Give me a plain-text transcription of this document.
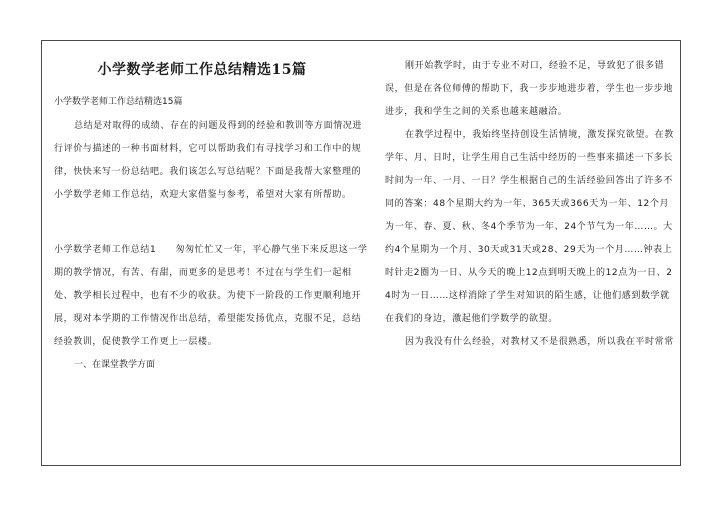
小学数学老师工作总结精选15篇
小学数学老师工作总结精选15篇

总结是对取得的成绩、存在的问题及得到的经验和教训等方面情况进行评价与描述的一种书面材料，它可以帮助我们有寻找学习和工作中的规律，快快来写一份总结吧。我们该怎么写总结呢？下面是我帮大家整理的小学数学老师工作总结，欢迎大家借鉴与参考，希望对大家有所帮助。

小学数学老师工作总结1   匆匆忙忙又一年，平心静气坐下来反思这一学期的教学情况，有苦、有甜，而更多的是思考！不过在与学生们一起相处、教学相长过程中，也有不少的收获。为使下一阶段的工作更顺利地开展，现对本学期的工作情况作出总结，希望能发扬优点，克服不足，总结经验教训，促使教学工作更上一层楼。

一、在课堂教学方面

刚开始教学时，由于专业不对口，经验不足，导致犯了很多错误，但是在各位师傅的帮助下，我一步步地进步着，学生也一步步地进步，我和学生之间的关系也越来越融洽。

在教学过程中，我始终坚持创设生活情境，激发探究欲望。在教学年、月、日时，让学生用自己生活中经历的一些事来描述一下多长时间为一年、一月、一日？学生根据自己的生活经验回答出了许多不同的答案：48个星期大约为一年、365天或366天为一年、12个月为一年、春、夏、秋、冬4个季节为一年、24个节气为一年……。大约4个星期为一个月、30天或31天或28、29天为一个月……钟表上时针走2圈为一日、从今天的晚上12点到明天晚上的12点为一日、24时为一日……这样消除了学生对知识的陌生感，让他们感到数学就在我们的身边，激起他们学数学的欲望。

因为我没有什么经验，对教材又不是很熟悉，所以我在平时常常
